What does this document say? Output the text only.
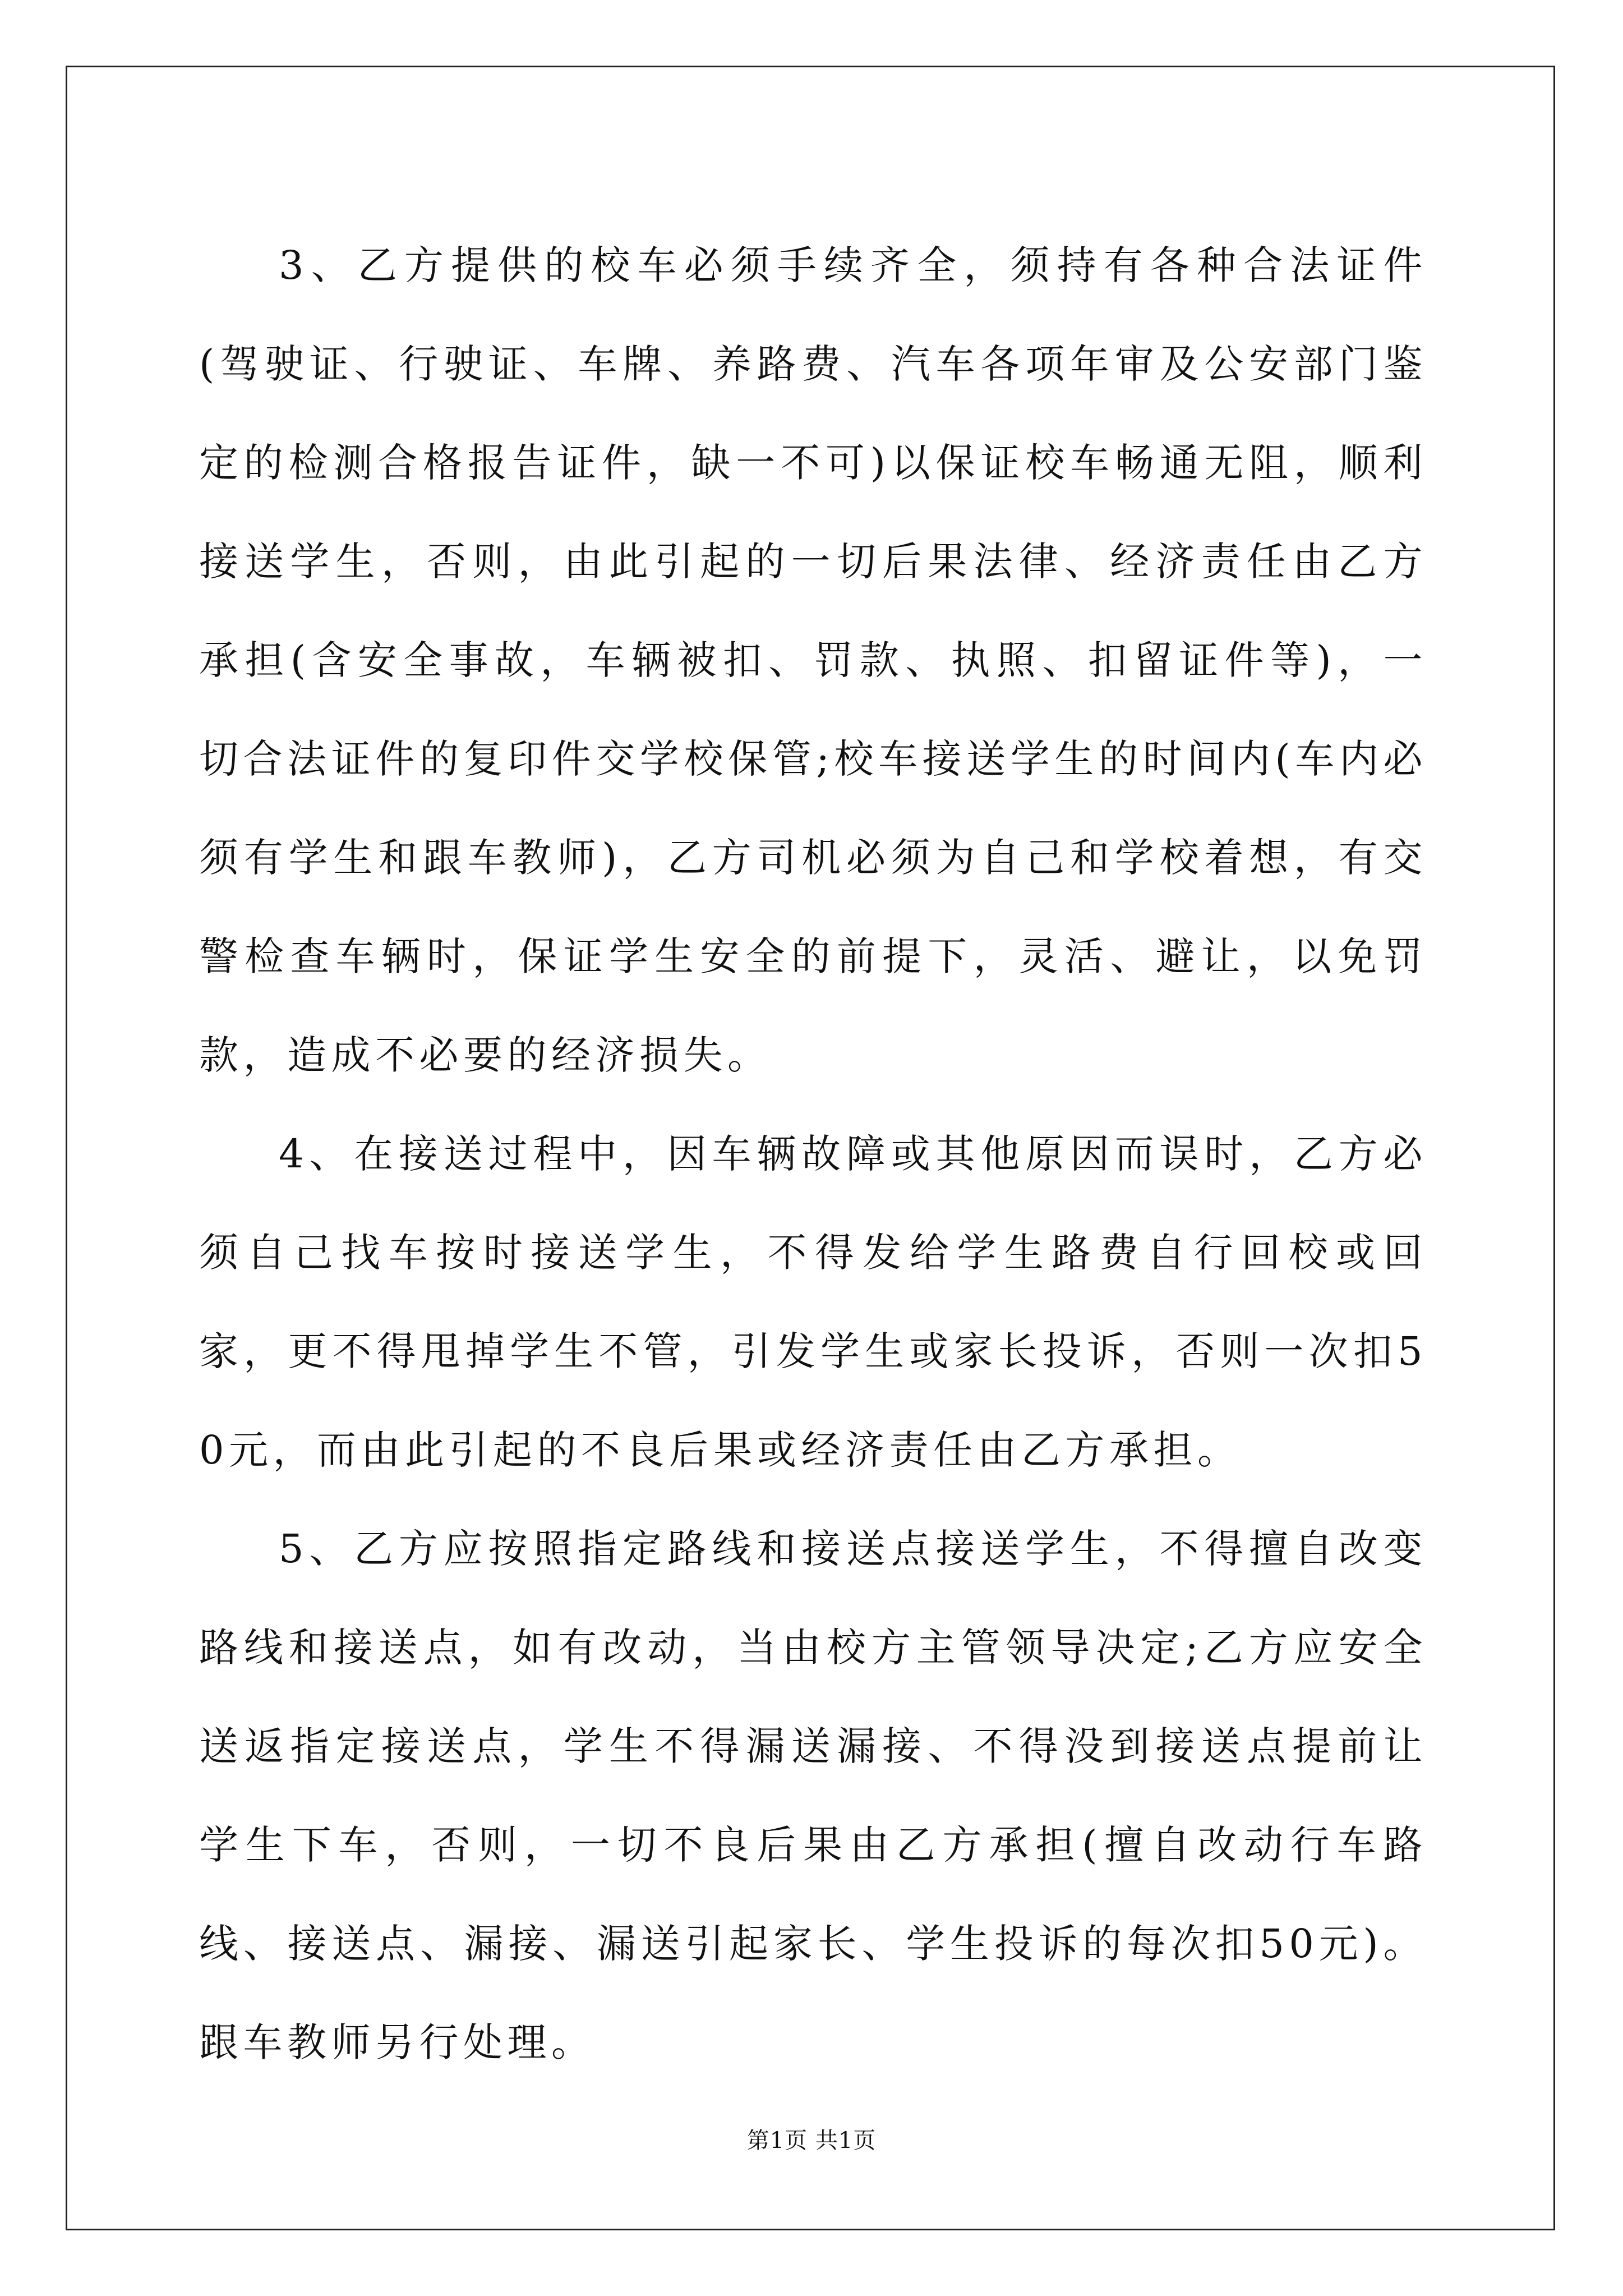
3、乙方提供的校车必须手续齐全，须持有各种合法证件(驾驶证、行驶证、车牌、养路费、汽车各项年审及公安部门鉴定的检测合格报告证件，缺一不可)以保证校车畅通无阻，顺利接送学生，否则，由此引起的一切后果法律、经济责任由乙方承担(含安全事故，车辆被扣、罚款、执照、扣留证件等)，一切合法证件的复印件交学校保管;校车接送学生的时间内(车内必须有学生和跟车教师)，乙方司机必须为自己和学校着想，有交警检查车辆时，保证学生安全的前提下，灵活、避让，以免罚款，造成不必要的经济损失。

4、在接送过程中，因车辆故障或其他原因而误时，乙方必须自己找车按时接送学生，不得发给学生路费自行回校或回家，更不得甩掉学生不管，引发学生或家长投诉，否则一次扣50元，而由此引起的不良后果或经济责任由乙方承担。

5、乙方应按照指定路线和接送点接送学生，不得擅自改变路线和接送点，如有改动，当由校方主管领导决定;乙方应安全送返指定接送点，学生不得漏送漏接、不得没到接送点提前让学生下车，否则，一切不良后果由乙方承担(擅自改动行车路线、接送点、漏接、漏送引起家长、学生投诉的每次扣50元)。跟车教师另行处理。

第1页 共1页
